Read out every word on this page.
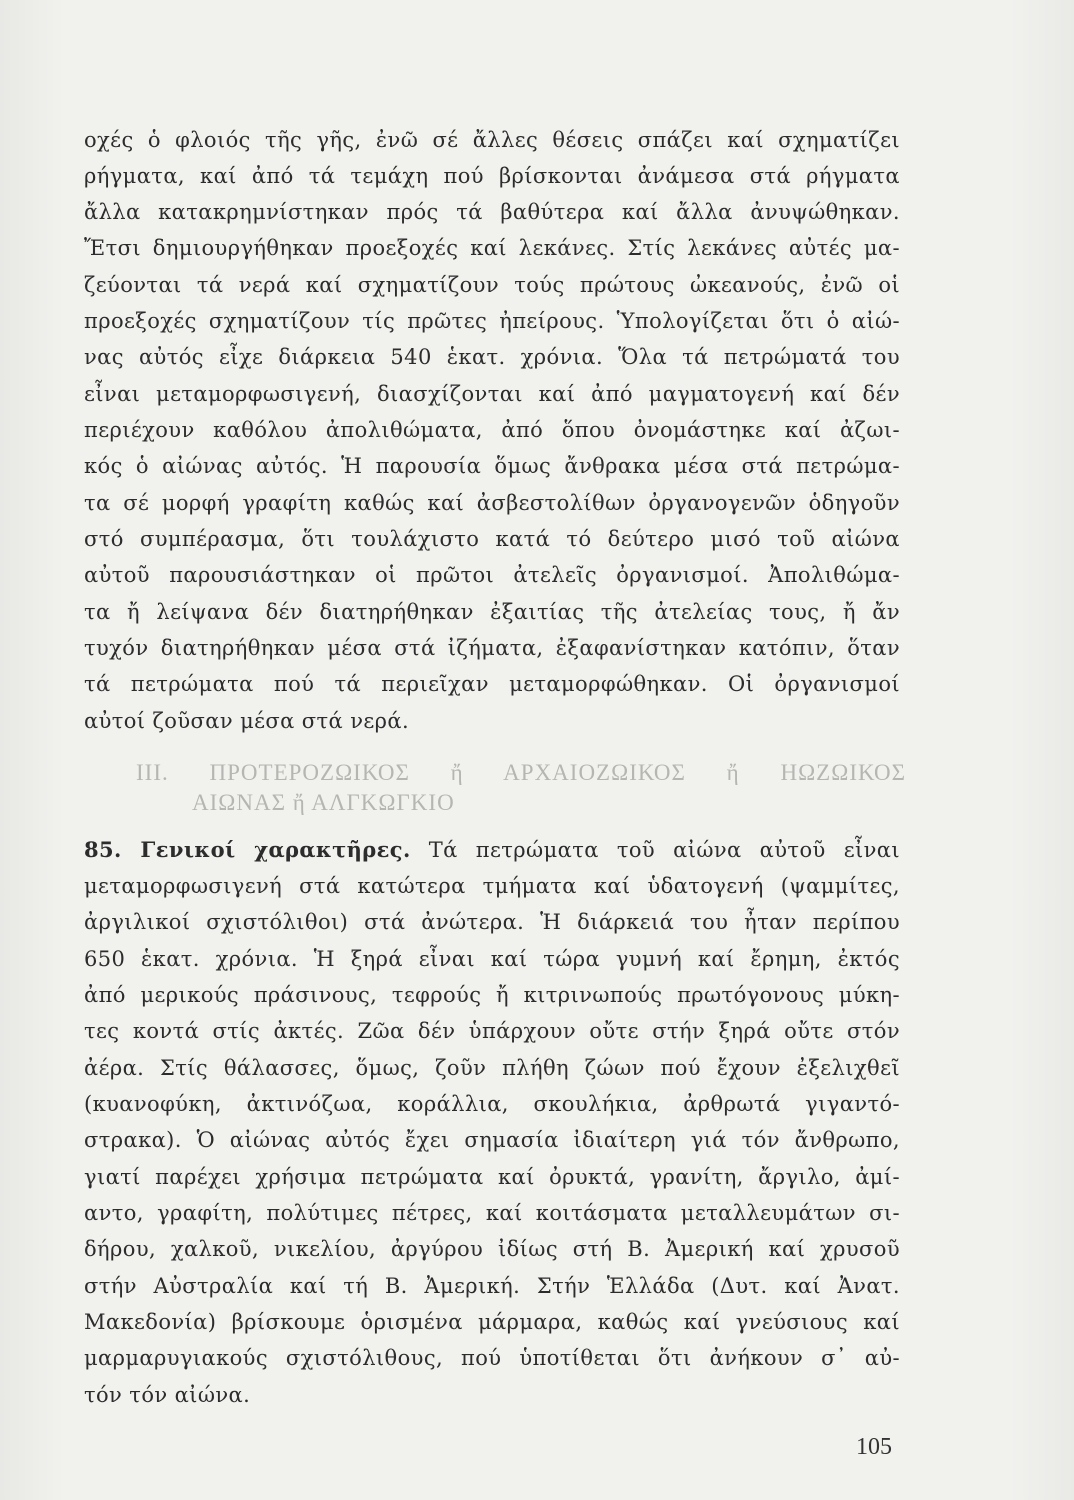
οχές ὁ φλοιός τῆς γῆς, ἐνῶ σέ ἄλλες θέσεις σπάζει καί σχηματίζει
ρήγματα, καί ἀπό τά τεμάχη πού βρίσκονται ἀνάμεσα στά ρήγματα
ἄλλα κατακρημνίστηκαν πρός τά βαθύτερα καί ἄλλα ἀνυψώθηκαν.
Ἔτσι δημιουργήθηκαν προεξοχές καί λεκάνες. Στίς λεκάνες αὐτές μα-
ζεύονται τά νερά καί σχηματίζουν τούς πρώτους ὠκεανούς, ἐνῶ οἱ
προεξοχές σχηματίζουν τίς πρῶτες ἠπείρους. Ὑπολογίζεται ὅτι ὁ αἰώ-
νας αὐτός εἶχε διάρκεια 540 ἑκατ. χρόνια. Ὅλα τά πετρώματά του
εἶναι μεταμορφωσιγενή, διασχίζονται καί ἀπό μαγματογενή καί δέν
περιέχουν καθόλου ἀπολιθώματα, ἀπό ὅπου ὀνομάστηκε καί ἀζωι-
κός ὁ αἰώνας αὐτός. Ἡ παρουσία ὅμως ἄνθρακα μέσα στά πετρώμα-
τα σέ μορφή γραφίτη καθώς καί ἀσβεστολίθων ὀργανογενῶν ὁδηγοῦν
στό συμπέρασμα, ὅτι τουλάχιστο κατά τό δεύτερο μισό τοῦ αἰώνα
αὐτοῦ παρουσιάστηκαν οἱ πρῶτοι ἀτελεῖς ὀργανισμοί. Ἀπολιθώμα-
τα ἤ λείψανα δέν διατηρήθηκαν ἐξαιτίας τῆς ἀτελείας τους, ἤ ἄν
τυχόν διατηρήθηκαν μέσα στά ἰζήματα, ἐξαφανίστηκαν κατόπιν, ὅταν
τά πετρώματα πού τά περιεῖχαν μεταμορφώθηκαν. Οἱ ὀργανισμοί
αὐτοί ζοῦσαν μέσα στά νερά.
III. ΠΡΟΤΕΡΟΖΩΙΚΟΣ ἤ ΑΡΧΑΙΟΖΩΙΚΟΣ ἤ ΗΩΖΩΙΚΟΣ
ΑΙΩΝΑΣ ἤ ΑΛΓΚΩΓΚΙΟ
85. Γενικοί χαρακτῆρες. Τά πετρώματα τοῦ αἰώνα αὐτοῦ εἶναι
μεταμορφωσιγενή στά κατώτερα τμήματα καί ὑδατογενή (ψαμμίτες,
ἀργιλικοί σχιστόλιθοι) στά ἀνώτερα. Ἡ διάρκειά του ἦταν περίπου
650 ἑκατ. χρόνια. Ἡ ξηρά εἶναι καί τώρα γυμνή καί ἔρημη, ἐκτός
ἀπό μερικούς πράσινους, τεφρούς ἤ κιτρινωπούς πρωτόγονους μύκη-
τες κοντά στίς ἀκτές. Ζῶα δέν ὑπάρχουν οὔτε στήν ξηρά οὔτε στόν
ἀέρα. Στίς θάλασσες, ὅμως, ζοῦν πλήθη ζώων πού ἔχουν ἐξελιχθεῖ
(κυανοφύκη, ἀκτινόζωα, κοράλλια, σκουλήκια, ἀρθρωτά γιγαντό-
στρακα). Ὁ αἰώνας αὐτός ἔχει σημασία ἰδιαίτερη γιά τόν ἄνθρωπο,
γιατί παρέχει χρήσιμα πετρώματα καί ὀρυκτά, γρανίτη, ἄργιλο, ἀμί-
αντο, γραφίτη, πολύτιμες πέτρες, καί κοιτάσματα μεταλλευμάτων σι-
δήρου, χαλκοῦ, νικελίου, ἀργύρου ἰδίως στή Β. Ἀμερική καί χρυσοῦ
στήν Αὐστραλία καί τή Β. Ἀμερική. Στήν Ἑλλάδα (Δυτ. καί Ἀνατ.
Μακεδονία) βρίσκουμε ὁρισμένα μάρμαρα, καθώς καί γνεύσιους καί
μαρμαρυγιακούς σχιστόλιθους, πού ὑποτίθεται ὅτι ἀνήκουν σ᾽ αὐ-
τόν τόν αἰώνα.
105
